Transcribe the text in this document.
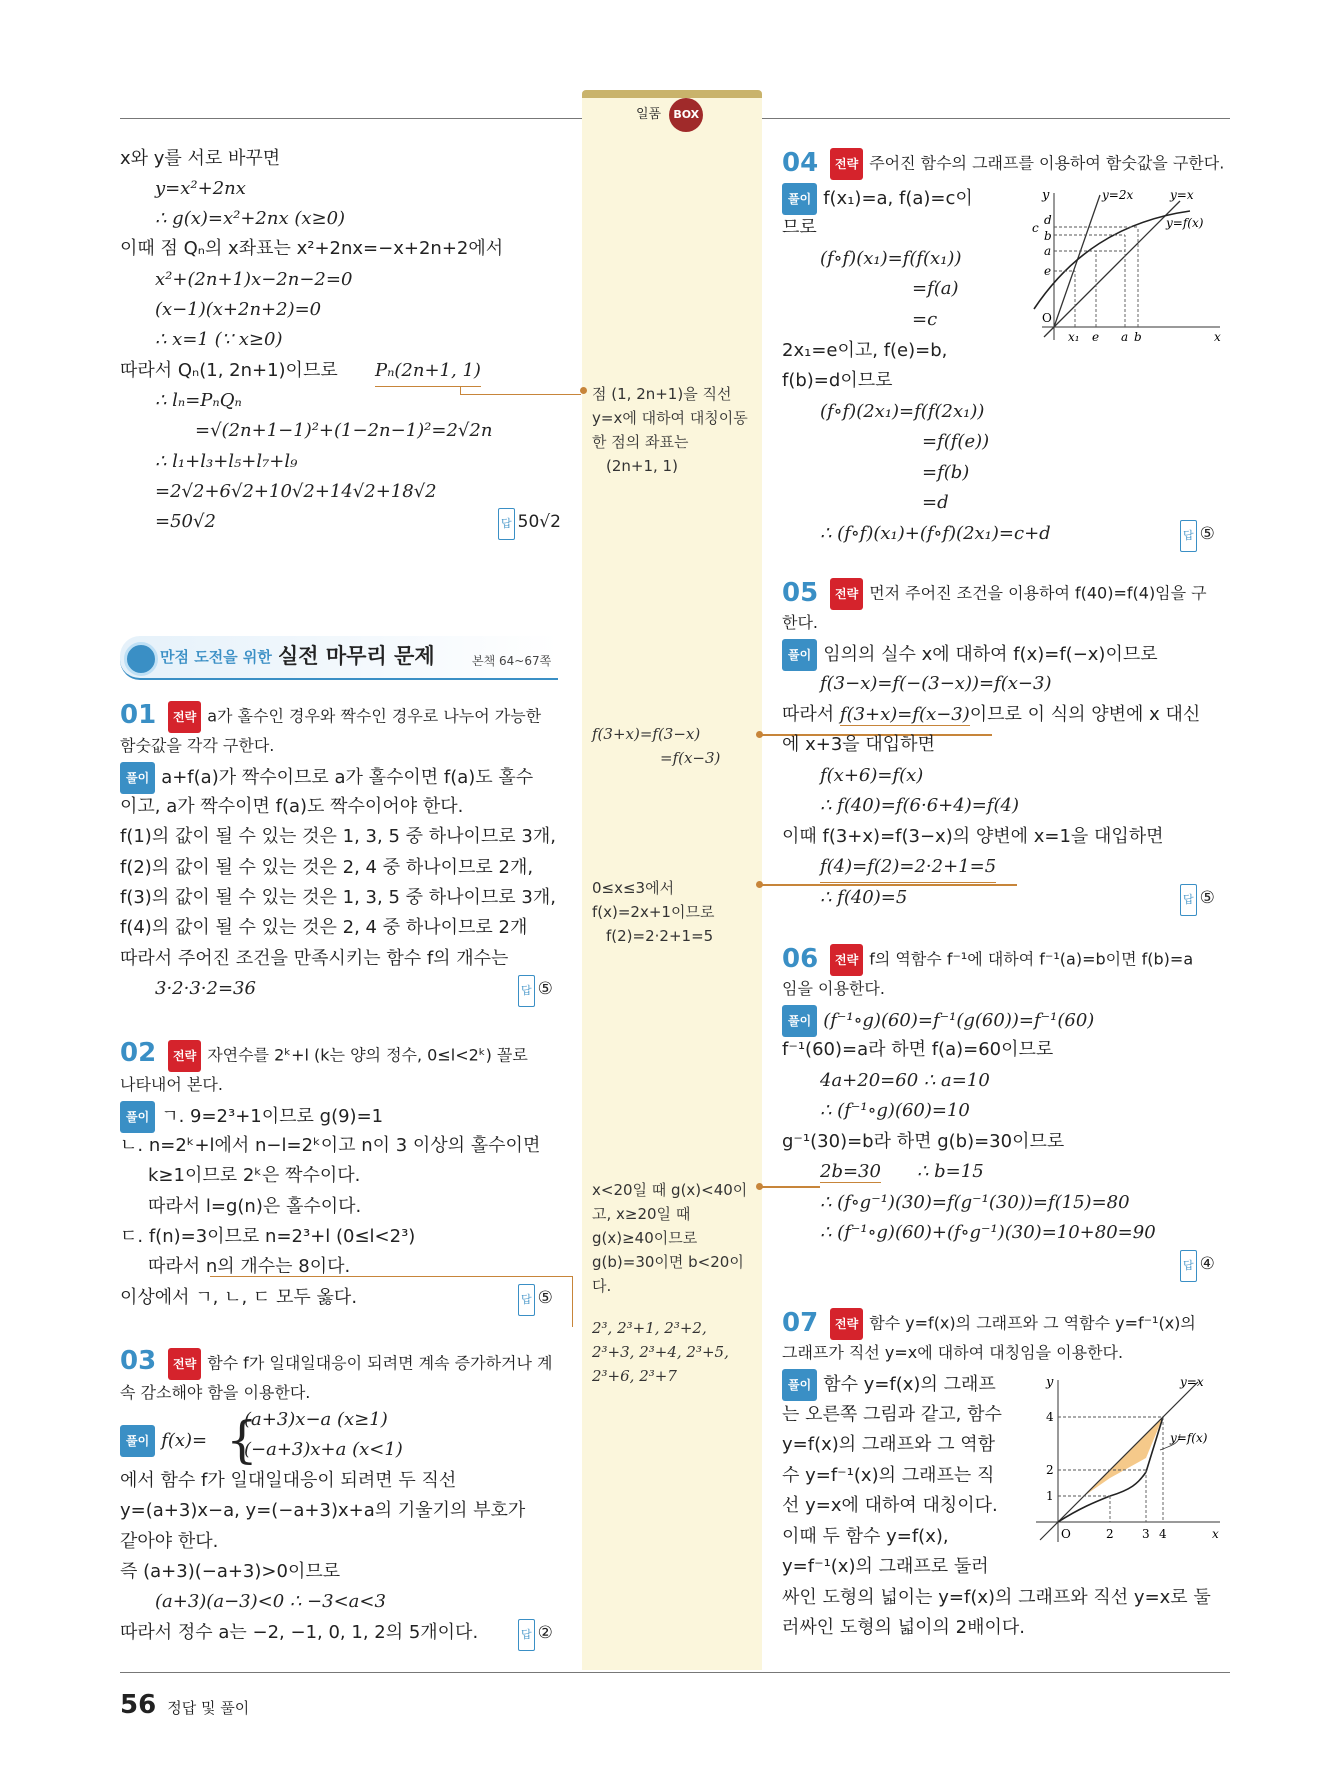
일품 BOX
x와 y를 서로 바꾸면
y=x²+2nx
∴ g(x)=x²+2nx (x≥0)
이때 점 Qₙ의 x좌표는 x²+2nx=−x+2n+2에서
x²+(2n+1)x−2n−2=0
(x−1)(x+2n+2)=0
∴ x=1 (∵ x≥0)
따라서 Qₙ(1, 2n+1)이므로 Pₙ(2n+1, 1)
∴ lₙ=PₙQₙ
=√(2n+1−1)²+(1−2n−1)²=2√2n
∴ l₁+l₃+l₅+l₇+l₉
=2√2+6√2+10√2+14√2+18√2
=50√2	답 50√2
만점 도전을 위한 실전 마무리 문제	본책 64~67쪽
01	전략 a가 홀수인 경우와 짝수인 경우로 나누어 가능한
함숫값을 각각 구한다.
풀이 a+f(a)가 짝수이므로 a가 홀수이면 f(a)도 홀수
이고, a가 짝수이면 f(a)도 짝수이어야 한다.
f(1)의 값이 될 수 있는 것은 1, 3, 5 중 하나이므로 3개,
f(2)의 값이 될 수 있는 것은 2, 4 중 하나이므로 2개,
f(3)의 값이 될 수 있는 것은 1, 3, 5 중 하나이므로 3개,
f(4)의 값이 될 수 있는 것은 2, 4 중 하나이므로 2개
따라서 주어진 조건을 만족시키는 함수 f의 개수는
3·2·3·2=36	답 ⑤
02	전략 자연수를 2ᵏ+l (k는 양의 정수, 0≤l<2ᵏ) 꼴로
나타내어 본다.
풀이 ㄱ. 9=2³+1이므로 g(9)=1
ㄴ. n=2ᵏ+l에서 n−l=2ᵏ이고 n이 3 이상의 홀수이면
k≥1이므로 2ᵏ은 짝수이다.
따라서 l=g(n)은 홀수이다.
ㄷ. f(n)=3이므로 n=2³+l (0≤l<2³)
따라서 n의 개수는 8이다.
이상에서 ㄱ, ㄴ, ㄷ 모두 옳다.	답 ⑤
03	전략 함수 f가 일대일대응이 되려면 계속 증가하거나 계
속 감소해야 함을 이용한다.
풀이 f(x)= {
(a+3)x−a (x≥1)
(−a+3)x+a (x<1)
에서 함수 f가 일대일대응이 되려면 두 직선
y=(a+3)x−a, y=(−a+3)x+a의 기울기의 부호가
같아야 한다.
즉 (a+3)(−a+3)>0이므로
(a+3)(a−3)<0 ∴ −3<a<3
따라서 정수 a는 −2, −1, 0, 1, 2의 5개이다.	답 ②
점 (1, 2n+1)을 직선
y=x에 대하여 대칭이동
한 점의 좌표는
(2n+1, 1)
f(3+x)=f(3−x)
=f(x−3)
0≤x≤3에서
f(x)=2x+1이므로
f(2)=2·2+1=5
x<20일 때 g(x)<40이
고, x≥20일 때
g(x)≥40이므로
g(b)=30이면 b<20이
다.
2³, 2³+1, 2³+2,
2³+3, 2³+4, 2³+5,
2³+6, 2³+7
04	전략 주어진 함수의 그래프를 이용하여 함숫값을 구한다.
풀이 f(x₁)=a, f(a)=c이
므로
(f∘f)(x₁)=f(f(x₁))
=f(a)
=c
2x₁=e이고, f(e)=b,
f(b)=d이므로
(f∘f)(2x₁)=f(f(2x₁))
=f(f(e))
=f(b)
=d
∴ (f∘f)(x₁)+(f∘f)(2x₁)=c+d	답 ⑤
y
c
d
b
a
e
O
x₁ e a b	x
y=2x	y=x
y=f(x)
05	전략 먼저 주어진 조건을 이용하여 f(40)=f(4)임을 구
한다.
풀이 임의의 실수 x에 대하여 f(x)=f(−x)이므로
f(3−x)=f(−(3−x))=f(x−3)
따라서 f(3+x)=f(x−3)이므로 이 식의 양변에 x 대신
에 x+3을 대입하면
f(x+6)=f(x)
∴ f(40)=f(6·6+4)=f(4)
이때 f(3+x)=f(3−x)의 양변에 x=1을 대입하면
f(4)=f(2)=2·2+1=5
∴ f(40)=5	답 ⑤
06	전략 f의 역함수 f⁻¹에 대하여 f⁻¹(a)=b이면 f(b)=a
임을 이용한다.
풀이 (f⁻¹∘g)(60)=f⁻¹(g(60))=f⁻¹(60)
f⁻¹(60)=a라 하면 f(a)=60이므로
4a+20=60 ∴ a=10
∴ (f⁻¹∘g)(60)=10
g⁻¹(30)=b라 하면 g(b)=30이므로
2b=30 ∴ b=15
∴ (f∘g⁻¹)(30)=f(g⁻¹(30))=f(15)=80
∴ (f⁻¹∘g)(60)+(f∘g⁻¹)(30)=10+80=90
답 ④
07	전략 함수 y=f(x)의 그래프와 그 역함수 y=f⁻¹(x)의
그래프가 직선 y=x에 대하여 대칭임을 이용한다.
풀이 함수 y=f(x)의 그래프
는 오른쪽 그림과 같고, 함수
y=f(x)의 그래프와 그 역함
수 y=f⁻¹(x)의 그래프는 직
선 y=x에 대하여 대칭이다.
이때 두 함수 y=f(x),
y=f⁻¹(x)의 그래프로 둘러
싸인 도형의 넓이는 y=f(x)의 그래프와 직선 y=x로 둘
러싸인 도형의 넓이의 2배이다.
y
4
2
1
O	2 3 4	x
y=x
y=f(x)
56 정답 및 풀이
